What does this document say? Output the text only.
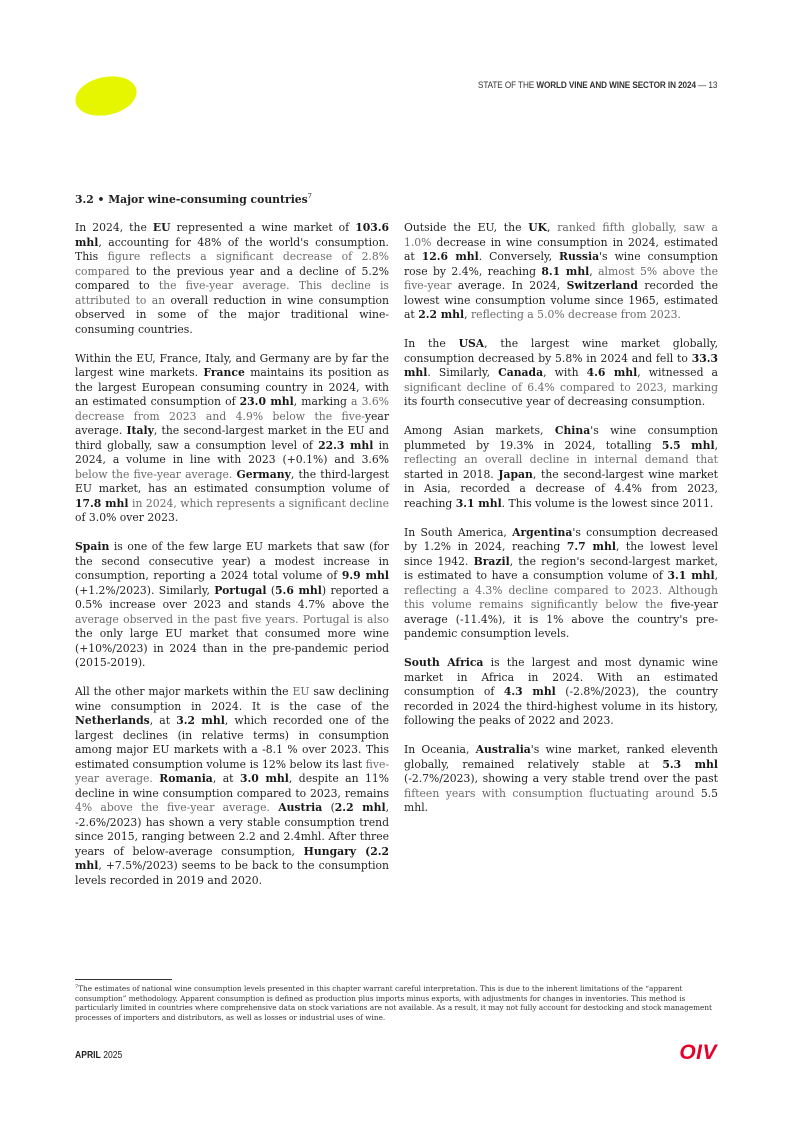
STATE OF THE WORLD VINE AND WINE SECTOR IN 2024 — 13
3.2 • Major wine-consuming countries$^7$

In 2024, the EU represented a wine market of 103.6 mhl, accounting for 48% of the world's consumption. This figure reflects a significant decrease of 2.8% compared to the previous year and a decline of 5.2% compared to the five-year average. This decline is attributed to an overall reduction in wine consumption observed in some of the major traditional wine-consuming countries.

Within the EU, France, Italy, and Germany are by far the largest wine markets. France maintains its position as the largest European consuming country in 2024, with an estimated consumption of 23.0 mhl, marking a 3.6% decrease from 2023 and 4.9% below the five-year average. Italy, the second-largest market in the EU and third globally, saw a consumption level of 22.3 mhl in 2024, a volume in line with 2023 (+0.1%) and 3.6% below the five-year average. Germany, the third-largest EU market, has an estimated consumption volume of 17.8 mhl in 2024, which represents a significant decline of 3.0% over 2023.

Spain is one of the few large EU markets that saw (for the second consecutive year) a modest increase in consumption, reporting a 2024 total volume of 9.9 mhl (+1.2%/2023). Similarly, Portugal (5.6 mhl) reported a 0.5% increase over 2023 and stands 4.7% above the average observed in the past five years. Portugal is also the only large EU market that consumed more wine (+10%/2023) in 2024 than in the pre-pandemic period (2015-2019).

All the other major markets within the EU saw declining wine consumption in 2024. It is the case of the Netherlands, at 3.2 mhl, which recorded one of the largest declines (in relative terms) in consumption among major EU markets with a -8.1 % over 2023. This estimated consumption volume is 12% below its last five-year average. Romania, at 3.0 mhl, despite an 11% decline in wine consumption compared to 2023, remains 4% above the five-year average. Austria (2.2 mhl, -2.6%/2023) has shown a very stable consumption trend since 2015, ranging between 2.2 and 2.4mhl. After three years of below-average consumption, Hungary (2.2 mhl, +7.5%/2023) seems to be back to the consumption levels recorded in 2019 and 2020.

Outside the EU, the UK, ranked fifth globally, saw a 1.0% decrease in wine consumption in 2024, estimated at 12.6 mhl. Conversely, Russia's wine consumption rose by 2.4%, reaching 8.1 mhl, almost 5% above the five-year average. In 2024, Switzerland recorded the lowest wine consumption volume since 1965, estimated at 2.2 mhl, reflecting a 5.0% decrease from 2023.

In the USA, the largest wine market globally, consumption decreased by 5.8% in 2024 and fell to 33.3 mhl. Similarly, Canada, with 4.6 mhl, witnessed a significant decline of 6.4% compared to 2023, marking its fourth consecutive year of decreasing consumption.

Among Asian markets, China's wine consumption plummeted by 19.3% in 2024, totalling 5.5 mhl, reflecting an overall decline in internal demand that started in 2018. Japan, the second-largest wine market in Asia, recorded a decrease of 4.4% from 2023, reaching 3.1 mhl. This volume is the lowest since 2011.

In South America, Argentina's consumption decreased by 1.2% in 2024, reaching 7.7 mhl, the lowest level since 1942. Brazil, the region's second-largest market, is estimated to have a consumption volume of 3.1 mhl, reflecting a 4.3% decline compared to 2023. Although this volume remains significantly below the five-year average (-11.4%), it is 1% above the country's pre-pandemic consumption levels.

South Africa is the largest and most dynamic wine market in Africa in 2024. With an estimated consumption of 4.3 mhl (-2.8%/2023), the country recorded in 2024 the third-highest volume in its history, following the peaks of 2022 and 2023.

In Oceania, Australia's wine market, ranked eleventh globally, remained relatively stable at 5.3 mhl (-2.7%/2023), showing a very stable trend over the past fifteen years with consumption fluctuating around 5.5 mhl.

$^7$The estimates of national wine consumption levels presented in this chapter warrant careful interpretation. This is due to the inherent limitations of the “apparent consumption” methodology. Apparent consumption is defined as production plus imports minus exports, with adjustments for changes in inventories. This method is particularly limited in countries where comprehensive data on stock variations are not available. As a result, it may not fully account for destocking and stock management processes of importers and distributors, as well as losses or industrial uses of wine.
APRIL 2025	OIV
